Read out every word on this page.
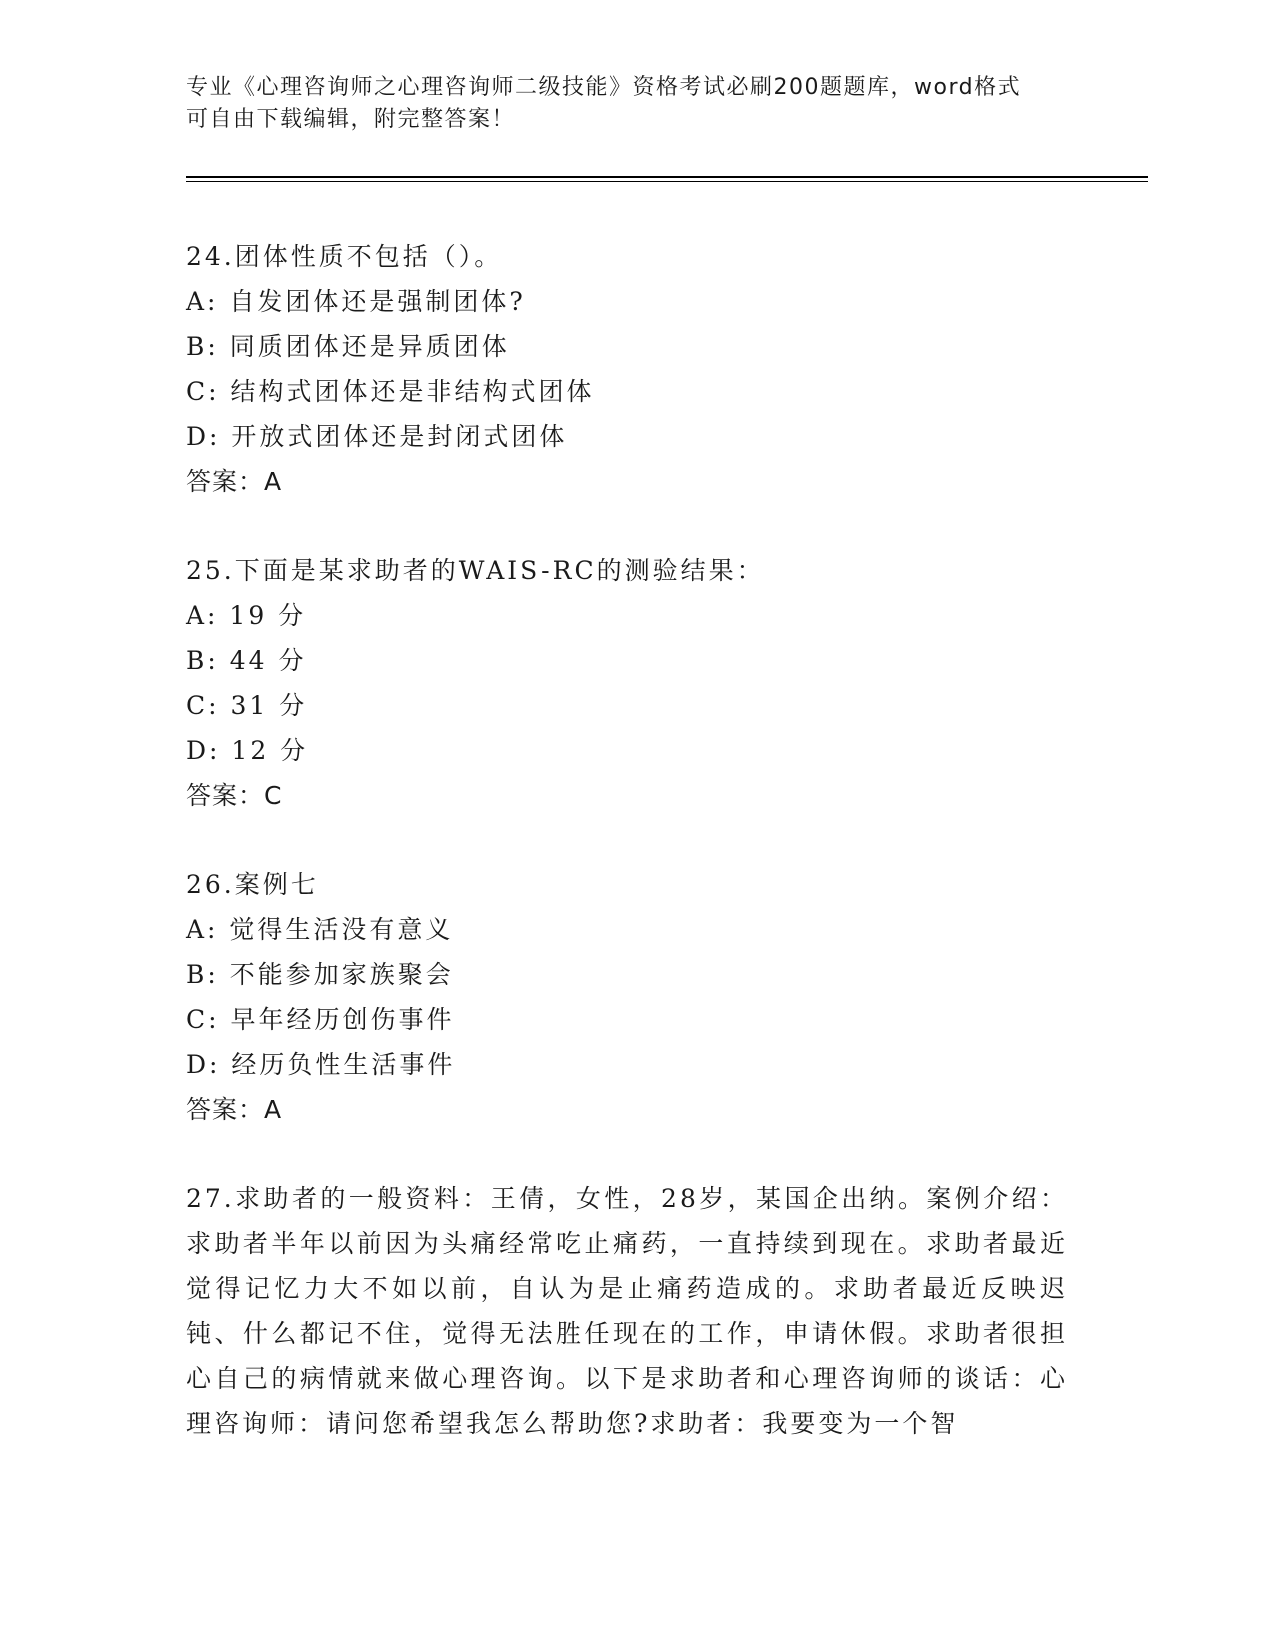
专业《心理咨询师之心理咨询师二级技能》资格考试必刷200题题库，word格式
可自由下载编辑，附完整答案！
24.团体性质不包括（）。
A: 自发团体还是强制团体?
B: 同质团体还是异质团体
C: 结构式团体还是非结构式团体
D: 开放式团体还是封闭式团体
答案：A
25.下面是某求助者的WAIS-RC的测验结果：
A: 19 分
B: 44 分
C: 31 分
D: 12 分
答案：C
26.案例七
A: 觉得生活没有意义
B: 不能参加家族聚会
C: 早年经历创伤事件
D: 经历负性生活事件
答案：A
27.求助者的一般资料：王倩，女性，28岁，某国企出纳。案例介绍：求助者半年以前因为头痛经常吃止痛药，一直持续到现在。求助者最近觉得记忆力大不如以前，自认为是止痛药造成的。求助者最近反映迟钝、什么都记不住，觉得无法胜任现在的工作，申请休假。求助者很担心自己的病情就来做心理咨询。以下是求助者和心理咨询师的谈话：心理咨询师：请问您希望我怎么帮助您?求助者：我要变为一个智
